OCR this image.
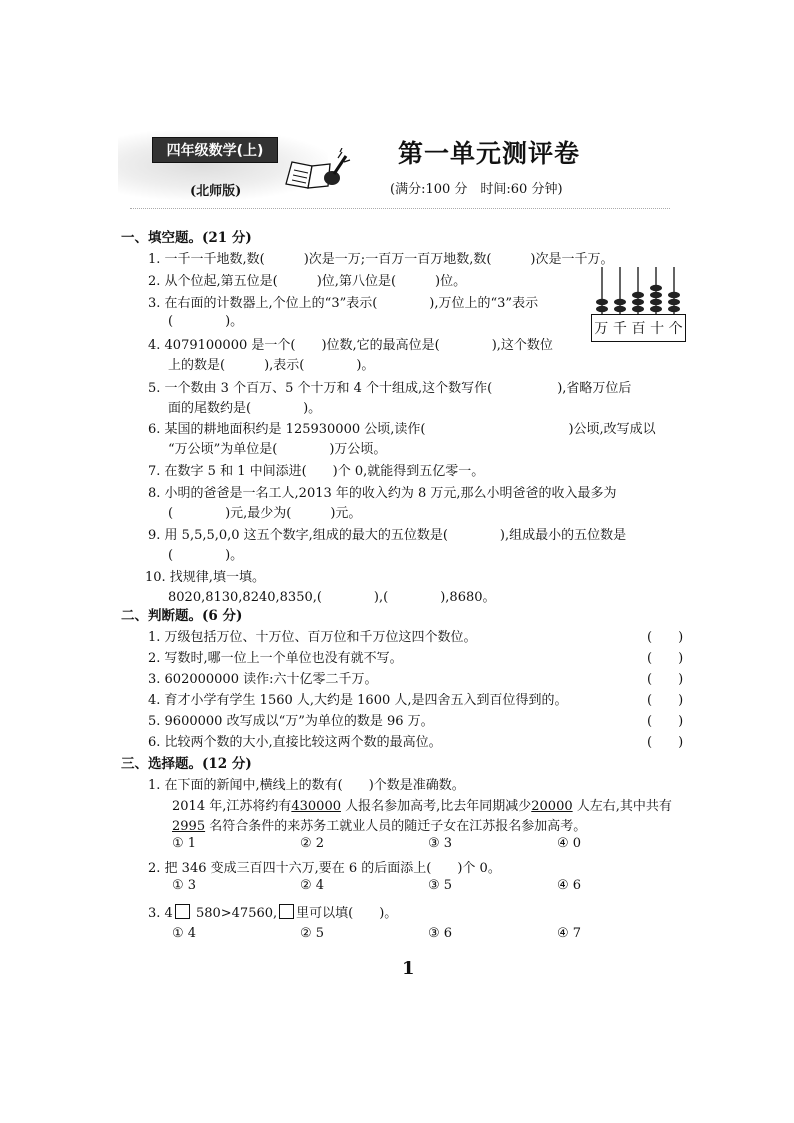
四年级数学(上)
(北师版)
第一单元测评卷
(满分:100 分　时间:60 分钟)
一、填空题。(21 分)
1. 一千一千地数,数(　　　)次是一万;一百万一百万地数,数(　　　)次是一千万。
2. 从个位起,第五位是(　　　)位,第八位是(　　　)位。
3. 在右面的计数器上,个位上的“3”表示(　　　　),万位上的“3”表示
(　　　　)。
4. 4079100000 是一个(　　)位数,它的最高位是(　　　　),这个数位
上的数是(　　　),表示(　　　　)。
5. 一个数由 3 个百万、5 个十万和 4 个十组成,这个数写作(　　　　　),省略万位后
面的尾数约是(　　　　)。
6. 某国的耕地面积约是 125930000 公顷,读作(　　　　　　　　　　　)公顷,改写成以
“万公顷”为单位是(　　　　)万公顷。
7. 在数字 5 和 1 中间添进(　　)个 0,就能得到五亿零一。
8. 小明的爸爸是一名工人,2013 年的收入约为 8 万元,那么小明爸爸的收入最多为
(　　　　)元,最少为(　　　)元。
9. 用 5,5,5,0,0 这五个数字,组成的最大的五位数是(　　　　),组成最小的五位数是
(　　　　)。
10. 找规律,填一填。
8020,8130,8240,8350,(　　　　),(　　　　),8680。
万 千 百 十 个
二、判断题。(6 分)
1. 万级包括万位、十万位、百万位和千万位这四个数位。	(　　)
2. 写数时,哪一位上一个单位也没有就不写。	(　　)
3. 602000000 读作:六十亿零二千万。	(　　)
4. 育才小学有学生 1560 人,大约是 1600 人,是四舍五入到百位得到的。	(　　)
5. 9600000 改写成以“万”为单位的数是 96 万。	(　　)
6. 比较两个数的大小,直接比较这两个数的最高位。	(　　)
三、选择题。(12 分)
1. 在下面的新闻中,横线上的数有(　　)个数是准确数。
2014 年,江苏将约有430000 人报名参加高考,比去年同期减少20000 人左右,其中共有
2995 名符合条件的来苏务工就业人员的随迁子女在江苏报名参加高考。
① 1	② 2	③ 3	④ 0
2. 把 346 变成三百四十六万,要在 6 的后面添上(　　)个 0。
① 3	② 4	③ 5	④ 6
3. 4 580>47560, 里可以填(　　)。
① 4	② 5	③ 6	④ 7
1
